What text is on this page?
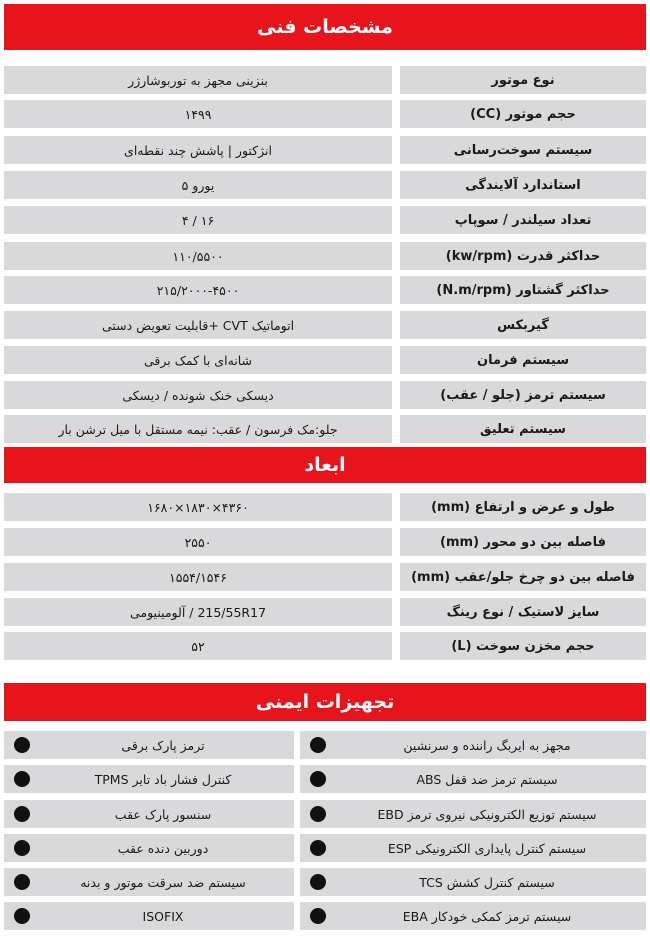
مشخصات فنی
بنزینی مجهز به توربوشارژر	نوع موتور
۱۴۹۹	حجم موتور (CC)
انژکتور | پاشش چند نقطه‌ای	سیستم سوخت‌رسانی
یورو ۵	استاندارد آلایندگی
۱۶ / ۴	تعداد سیلندر / سوپاپ
۱۱۰/۵۵۰۰	حداکثر قدرت (kw/rpm)
۲۱۵/۲۰۰۰-۴۵۰۰	حداکثر گشتاور (N.m/rpm)
اتوماتیک CVT +قابلیت تعویض دستی	گیربکس
شانه‌ای با کمک برقی	سیستم فرمان
دیسکی خنک شونده / دیسکی	سیستم ترمز (جلو / عقب)
جلو:مک فرسون / عقب: نیمه مستقل با میل ترشن بار	سیستم تعلیق
ابعاد
۴۳۶۰×۱۸۳۰×۱۶۸۰	طول و عرض و ارتفاع (mm)
۲۵۵۰	فاصله بین دو محور (mm)
۱۵۵۴/۱۵۴۶	فاصله بین دو چرخ جلو/عقب (mm)
215/55R17 / آلومینیومی	سایز لاستیک / نوع رینگ
۵۲	حجم مخزن سوخت (L)
تجهیزات ایمنی
ترمز پارک برقی	مجهز به ایربگ راننده و سرنشین
کنترل فشار باد تایر TPMS	سیستم ترمز ضد قفل ABS
سنسور پارک عقب	سیستم توزیع الکترونیکی نیروی ترمز EBD
دوربین دنده عقب	سیستم کنترل پایداری الکترونیکی ESP
سیستم ضد سرقت موتور و بدنه	سیستم کنترل کشش TCS
ISOFIX	سیستم ترمز کمکی خودکار EBA
